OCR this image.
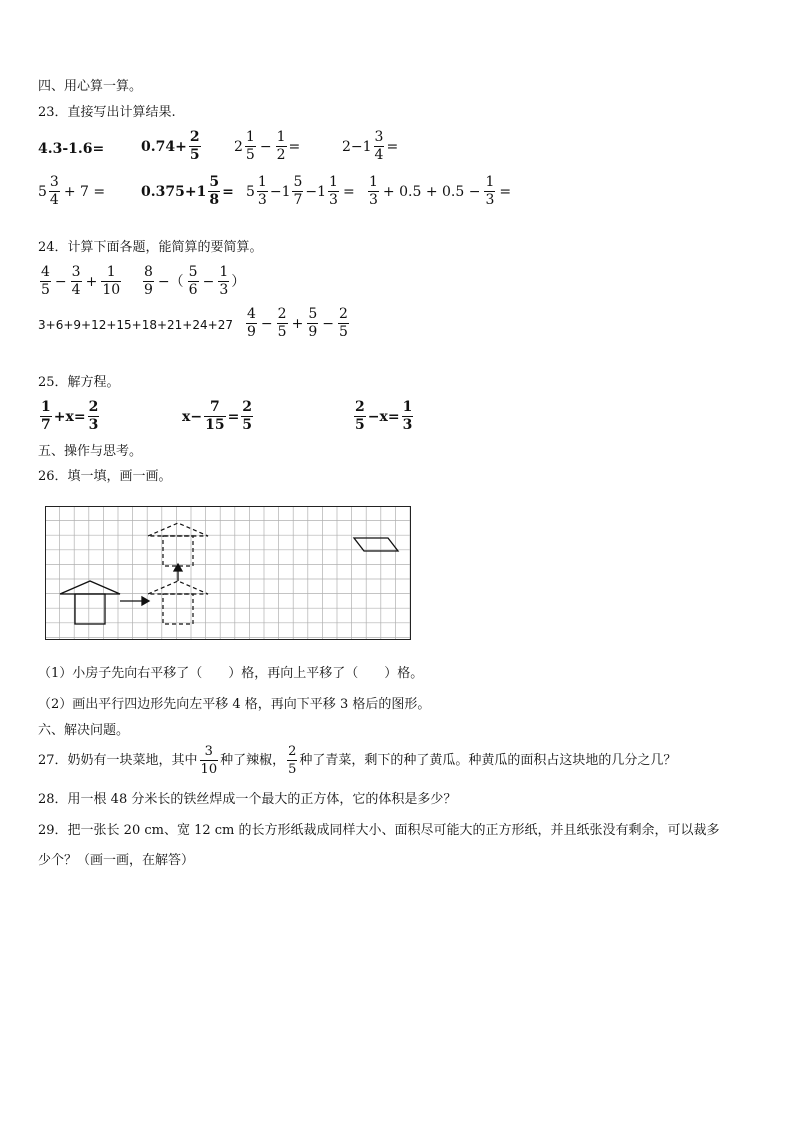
四、用心算一算。
23．直接写出计算结果.
4.3-1.6=	$0.74+ \frac{2}{5} 2 \frac{1}{5} - \frac{1}{2}$ =	$2-1 \frac{3}{4}$ =
$5 \frac{3}{4} + 7$ =	$0.375+1 \frac{5}{8} = 5 \frac{1}{3} -1 \frac{5}{7} -1 \frac{1}{3} = \frac{1}{3} + 0.5 + 0.5 - \frac{1}{3}$ =
24．计算下面各题，能简算的要简算。
$\frac{4}{5} - \frac{3}{4} + \frac{1}{10} \frac{8}{9}$ −（ $\frac{5}{6} - \frac{1}{3}$ ）
$3+6+9+12+15+18+21+24+27 \frac{4}{9} - \frac{2}{5} + \frac{5}{9} - \frac{2}{5}$
25．解方程。
$\frac{1}{7} +x= \frac{2}{3}$	$x- \frac{7}{15} = \frac{2}{5}$	$\frac{2}{5} -x= \frac{1}{3}$
五、操作与思考。
26．填一填，画一画。
（1）小房子先向右平移了（　　）格，再向上平移了（　　）格。
（2）画出平行四边形先向左平移 4 格，再向下平移 3 格后的图形。
六、解决问题。
27．奶奶有一块菜地，其中 $\frac{3}{10}$ 种了辣椒， $\frac{2}{5}$ 种了青菜，剩下的种了黄瓜。种黄瓜的面积占这块地的几分之几？
28．用一根 48 分米长的铁丝焊成一个最大的正方体，它的体积是多少？
29．把一张长 20 cm、宽 12 cm 的长方形纸裁成同样大小、面积尽可能大的正方形纸，并且纸张没有剩余，可以裁多
少个？（画一画，在解答）
